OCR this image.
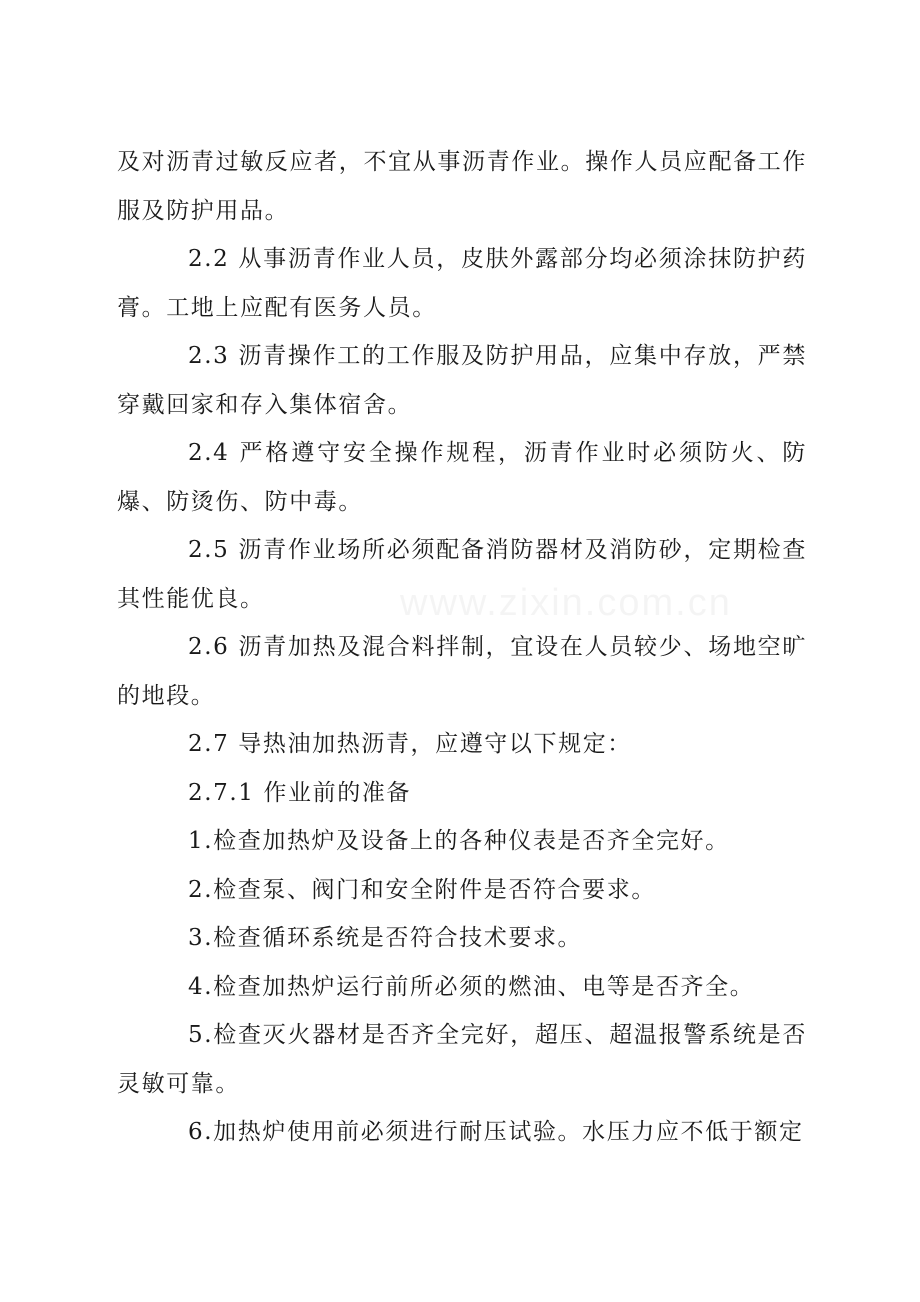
及对沥青过敏反应者，不宜从事沥青作业。操作人员应配备工作服及防护用品。

2.2 从事沥青作业人员，皮肤外露部分均必须涂抹防护药膏。工地上应配有医务人员。

2.3 沥青操作工的工作服及防护用品，应集中存放，严禁穿戴回家和存入集体宿舍。

2.4 严格遵守安全操作规程，沥青作业时必须防火、防爆、防烫伤、防中毒。

2.5 沥青作业场所必须配备消防器材及消防砂，定期检查其性能优良。

2.6 沥青加热及混合料拌制，宜设在人员较少、场地空旷的地段。

2.7 导热油加热沥青，应遵守以下规定：

2.7.1 作业前的准备

1.检查加热炉及设备上的各种仪表是否齐全完好。

2.检查泵、阀门和安全附件是否符合要求。

3.检查循环系统是否符合技术要求。

4.检查加热炉运行前所必须的燃油、电等是否齐全。

5.检查灭火器材是否齐全完好，超压、超温报警系统是否灵敏可靠。

6.加热炉使用前必须进行耐压试验。水压力应不低于额定
